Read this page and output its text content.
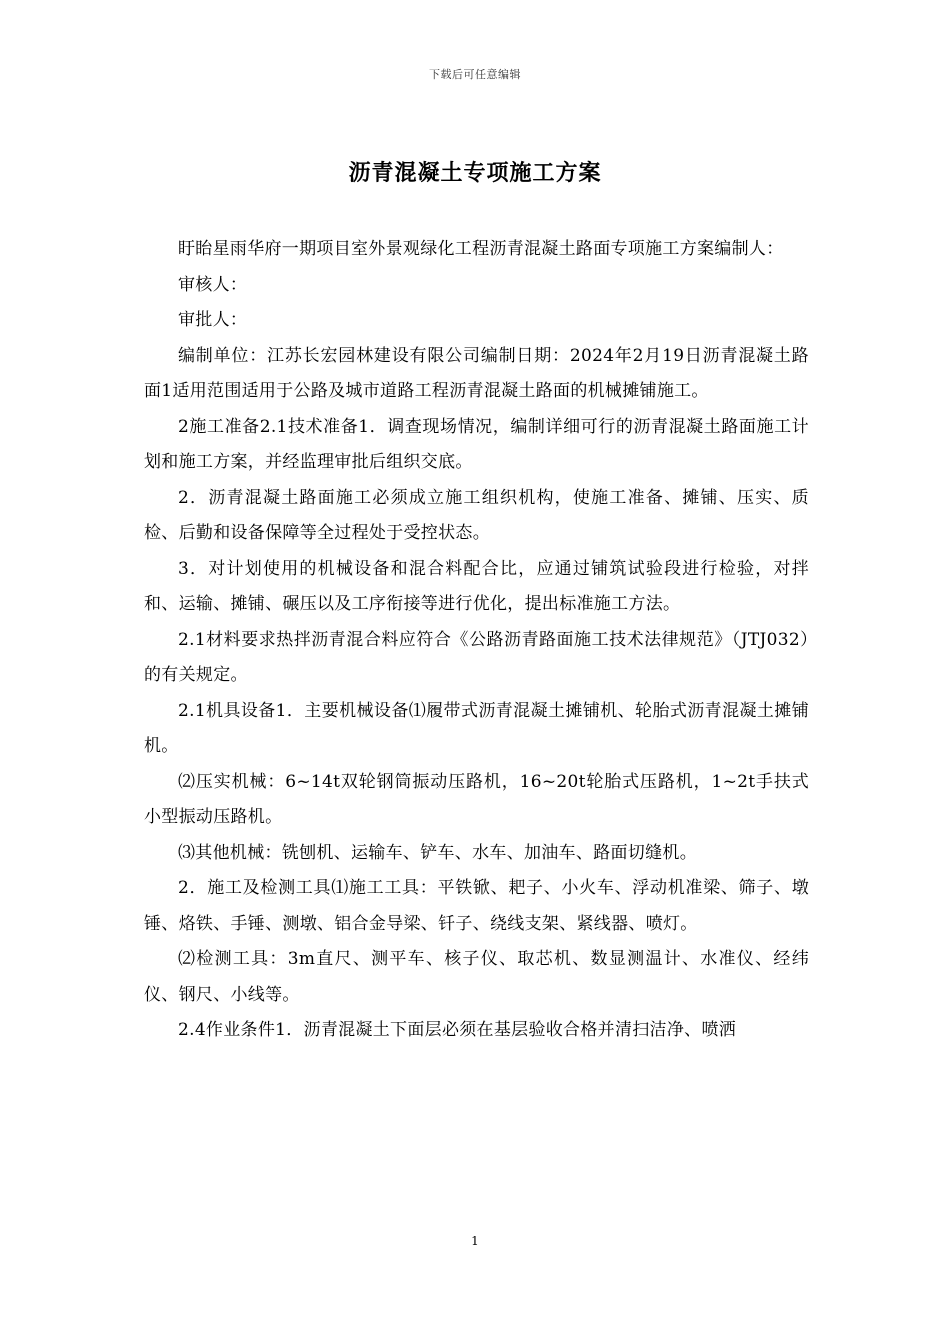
下载后可任意编辑
沥青混凝土专项施工方案

盱眙星雨华府一期项目室外景观绿化工程沥青混凝土路面专项施工方案编制人：

审核人：

审批人：

编制单位：江苏长宏园林建设有限公司编制日期：2024年2月19日沥青混凝土路面1适用范围适用于公路及城市道路工程沥青混凝土路面的机械摊铺施工。

2施工准备2.1技术准备1．调查现场情况，编制详细可行的沥青混凝土路面施工计划和施工方案，并经监理审批后组织交底。

2．沥青混凝土路面施工必须成立施工组织机构，使施工准备、摊铺、压实、质检、后勤和设备保障等全过程处于受控状态。

3．对计划使用的机械设备和混合料配合比，应通过铺筑试验段进行检验，对拌和、运输、摊铺、碾压以及工序衔接等进行优化，提出标准施工方法。

2.1材料要求热拌沥青混合料应符合《公路沥青路面施工技术法律规范》（JTJ032）的有关规定。

2.1机具设备1．主要机械设备⑴履带式沥青混凝土摊铺机、轮胎式沥青混凝土摊铺机。

⑵压实机械：6~14t双轮钢筒振动压路机，16~20t轮胎式压路机，1~2t手扶式小型振动压路机。

⑶其他机械：铣刨机、运输车、铲车、水车、加油车、路面切缝机。

2．施工及检测工具⑴施工工具：平铁锨、耙子、小火车、浮动机准梁、筛子、墩锤、烙铁、手锤、测墩、铝合金导梁、钎子、绕线支架、紧线器、喷灯。

⑵检测工具：3m直尺、测平车、核子仪、取芯机、数显测温计、水准仪、经纬仪、钢尺、小线等。

2.4作业条件1．沥青混凝土下面层必须在基层验收合格并清扫洁净、喷洒

1
